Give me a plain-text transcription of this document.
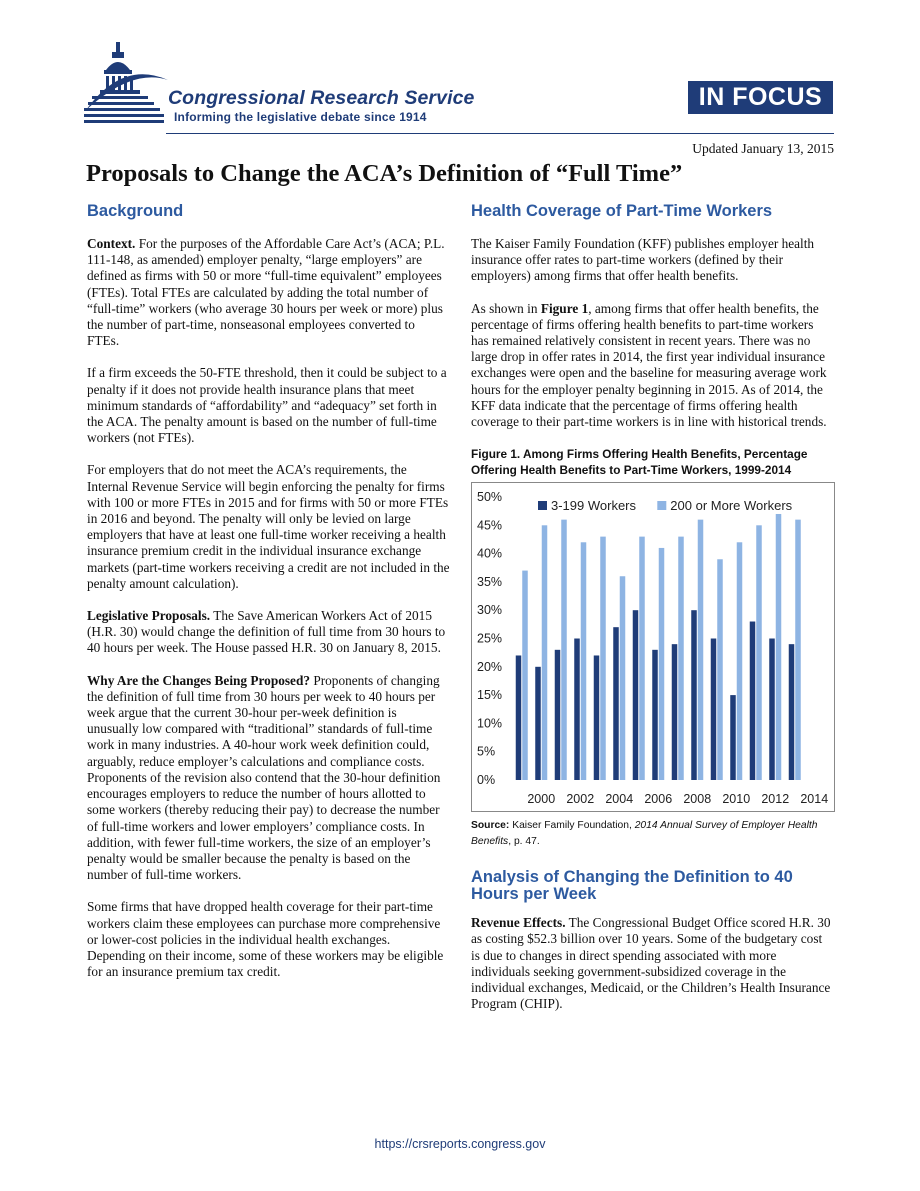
Congressional Research Service
Informing the legislative debate since 1914
IN FOCUS
Updated January 13, 2015
Proposals to Change the ACA’s Definition of “Full Time”
Background

Context. For the purposes of the Affordable Care Act’s (ACA; P.L. 111-148, as amended) employer penalty, “large employers” are defined as firms with 50 or more “full-time equivalent” employees (FTEs). Total FTEs are calculated by adding the total number of “full-time” workers (who average 30 hours per week or more) plus the number of part-time, nonseasonal employees converted to FTEs.

If a firm exceeds the 50-FTE threshold, then it could be subject to a penalty if it does not provide health insurance plans that meet minimum standards of “affordability” and “adequacy” set forth in the ACA. The penalty amount is based on the number of full-time workers (not FTEs).

For employers that do not meet the ACA’s requirements, the Internal Revenue Service will begin enforcing the penalty for firms with 100 or more FTEs in 2015 and for firms with 50 or more FTEs in 2016 and beyond. The penalty will only be levied on large employers that have at least one full-time worker receiving a health insurance premium credit in the individual insurance exchange markets (part-time workers receiving a credit are not included in the penalty amount calculation).

Legislative Proposals. The Save American Workers Act of 2015 (H.R. 30) would change the definition of full time from 30 hours to 40 hours per week. The House passed H.R. 30 on January 8, 2015.

Why Are the Changes Being Proposed? Proponents of changing the definition of full time from 30 hours per week to 40 hours per week argue that the current 30-hour per-week definition is unusually low compared with “traditional” standards of full-time work in many industries. A 40-hour work week definition could, arguably, reduce employer’s calculations and compliance costs. Proponents of the revision also contend that the 30-hour definition encourages employers to reduce the number of hours allotted to some workers (thereby reducing their pay) to decrease the number of full-time workers and lower employers’ compliance costs. In addition, with fewer full-time workers, the size of an employer’s penalty would be smaller because the penalty is based on the number of full-time workers.

Some firms that have dropped health coverage for their part-time workers claim these employees can purchase more comprehensive or lower-cost policies in the individual health exchanges. Depending on their income, some of these workers may be eligible for an insurance premium tax credit.

Health Coverage of Part-Time Workers

The Kaiser Family Foundation (KFF) publishes employer health insurance offer rates to part-time workers (defined by their employers) among firms that offer health benefits.

As shown in Figure 1, among firms that offer health benefits, the percentage of firms offering health benefits to part-time workers has remained relatively consistent in recent years. There was no large drop in offer rates in 2014, the first year individual insurance exchanges were open and the baseline for measuring average work hours for the employer penalty beginning in 2015. As of 2014, the KFF data indicate that the percentage of firms offering health coverage to their part-time workers is in line with historical trends.

Figure 1. Among Firms Offering Health Benefits, Percentage Offering Health Benefits to Part-Time Workers, 1999-2014
0%
5%
10%
15%
20%
25%
30%
35%
40%
45%
50%
2000 2002 2004 2006 2008 2010 2012 2014
3-199 Workers	200 or More Workers
Source: Kaiser Family Foundation, 2014 Annual Survey of Employer Health Benefits, p. 47.
Analysis of Changing the Definition to 40 Hours per Week

Revenue Effects. The Congressional Budget Office scored H.R. 30 as costing $52.3 billion over 10 years. Some of the budgetary cost is due to changes in direct spending associated with more individuals seeking government-subsidized coverage in the individual exchanges, Medicaid, or the Children’s Health Insurance Program (CHIP).

https://crsreports.congress.gov
